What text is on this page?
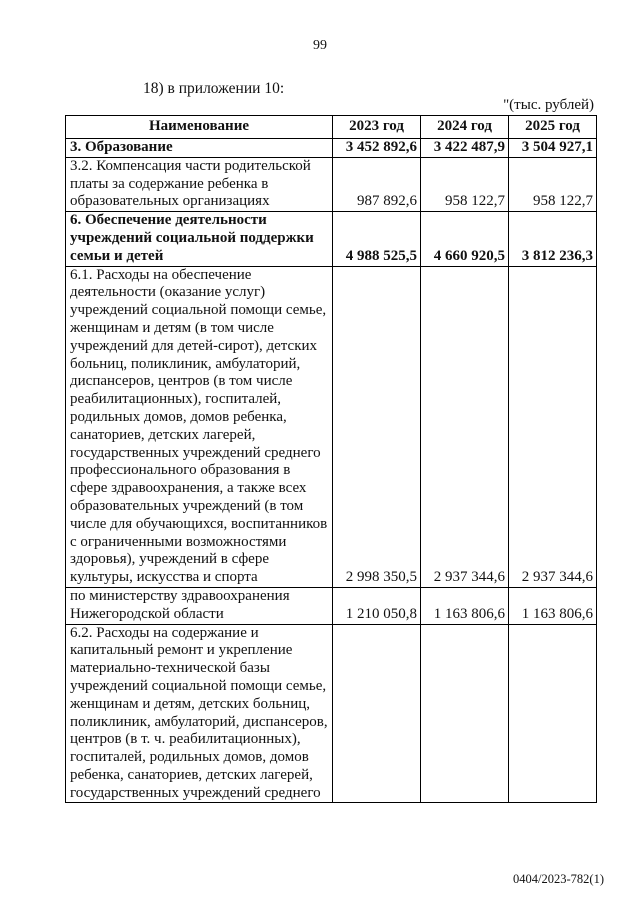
99
18) в приложении 10:
"(тыс. рублей)
Наименование	2023 год	2024 год	2025 год
3. Образование	3 452 892,6	3 422 487,9	3 504 927,1
3.2. Компенсация части родительской платы за содержание ребенка в образовательных организациях	987 892,6	958 122,7	958 122,7
6. Обеспечение деятельности учреждений социальной поддержки семьи и детей	4 988 525,5	4 660 920,5	3 812 236,3
6.1. Расходы на обеспечение деятельности (оказание услуг) учреждений социальной помощи семье, женщинам и детям (в том числе учреждений для детей-сирот), детских больниц, поликлиник, амбулаторий, диспансеров, центров (в том числе реабилитационных), госпиталей, родильных домов, домов ребенка, санаториев, детских лагерей, государственных учреждений среднего профессионального образования в сфере здравоохранения, а также всех образовательных учреждений (в том числе для обучающихся, воспитанников с ограниченными возможностями здоровья), учреждений в сфере культуры, искусства и спорта	2 998 350,5	2 937 344,6	2 937 344,6
по министерству здравоохранения Нижегородской области	1 210 050,8	1 163 806,6	1 163 806,6
6.2. Расходы на содержание и капитальный ремонт и укрепление материально-технической базы учреждений социальной помощи семье, женщинам и детям, детских больниц, поликлиник, амбулаторий, диспансеров, центров (в т. ч. реабилитационных), госпиталей, родильных домов, домов ребенка, санаториев, детских лагерей, государственных учреждений среднего			
0404/2023-782(1)
